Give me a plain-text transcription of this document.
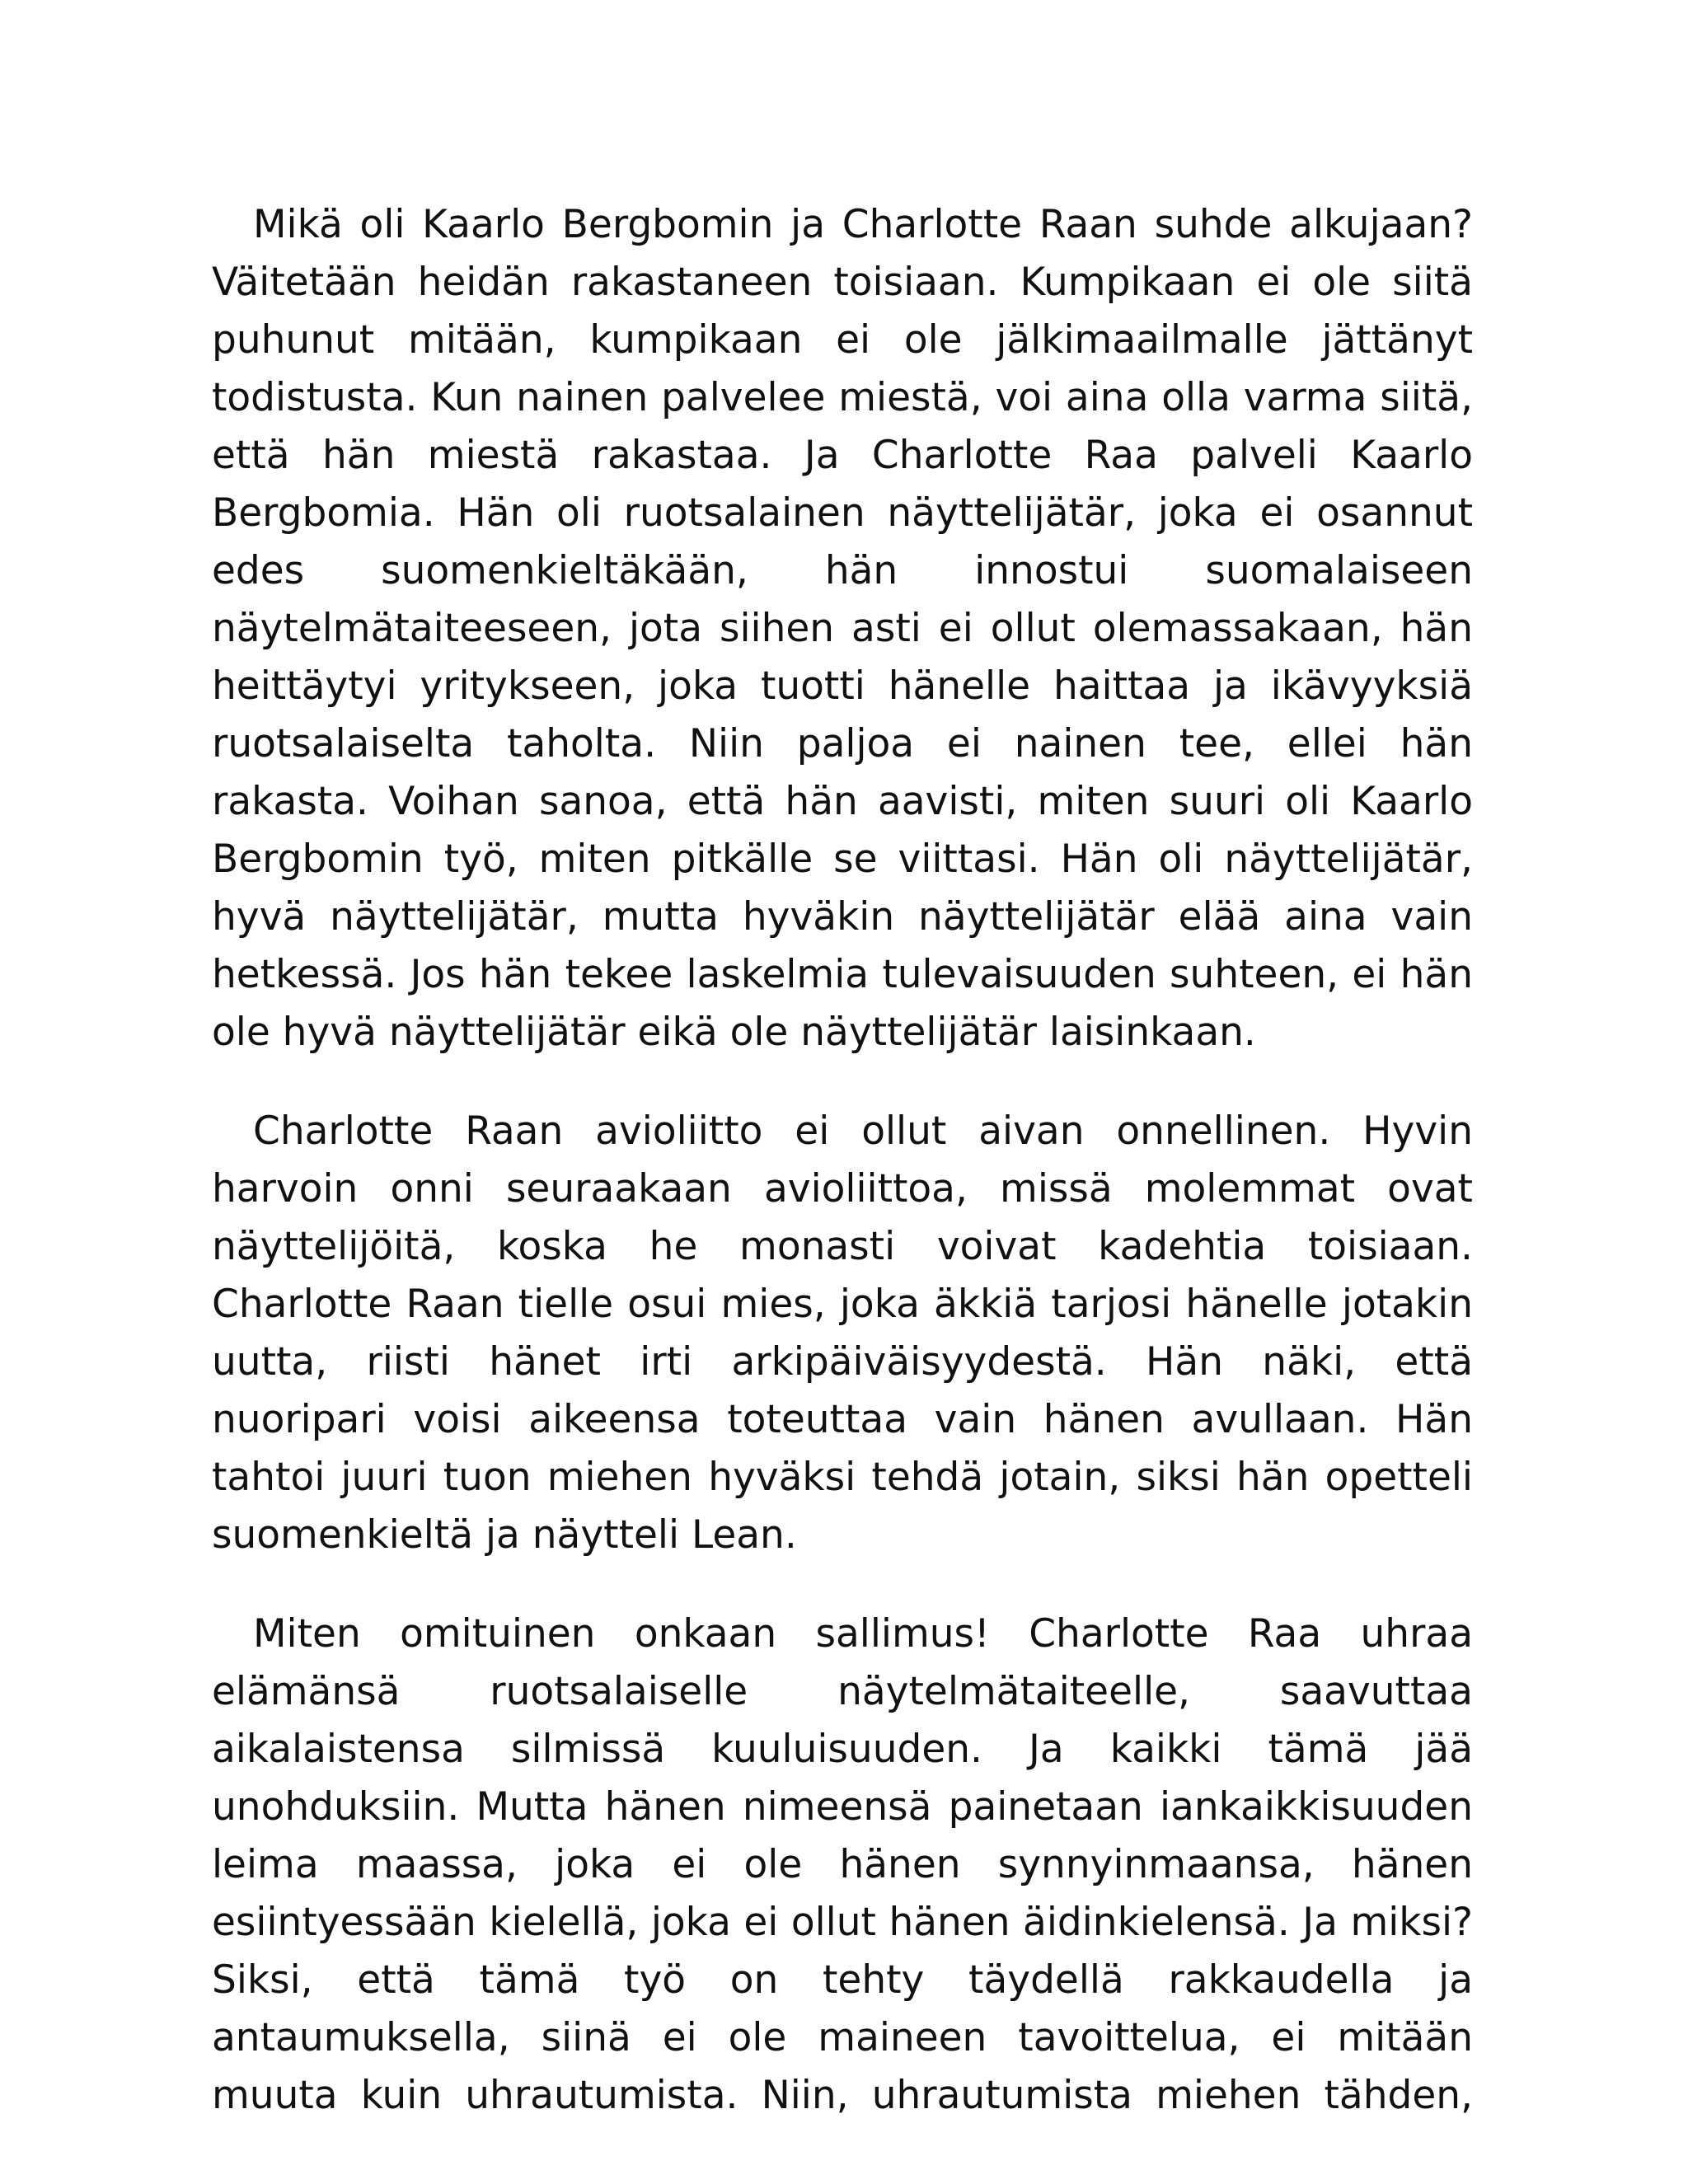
Mikä oli Kaarlo Bergbomin ja Charlotte Raan suhde alkujaan? Väitetään heidän rakastaneen toisiaan. Kumpikaan ei ole siitä puhunut mitään, kumpikaan ei ole jälkimaailmalle jättänyt todistusta. Kun nainen palvelee miestä, voi aina olla varma siitä, että hän miestä rakastaa. Ja Charlotte Raa palveli Kaarlo Bergbomia. Hän oli ruotsalainen näyttelijätär, joka ei osannut edes suomenkieltäkään, hän innostui suomalaiseen näytelmätaiteeseen, jota siihen asti ei ollut olemassakaan, hän heittäytyi yritykseen, joka tuotti hänelle haittaa ja ikävyyksiä ruotsalaiselta taholta. Niin paljoa ei nainen tee, ellei hän rakasta. Voihan sanoa, että hän aavisti, miten suuri oli Kaarlo Bergbomin työ, miten pitkälle se viittasi. Hän oli näyttelijätär, hyvä näyttelijätär, mutta hyväkin näyttelijätär elää aina vain hetkessä. Jos hän tekee laskelmia tulevaisuuden suhteen, ei hän ole hyvä näyttelijätär eikä ole näyttelijätär laisinkaan.

Charlotte Raan avioliitto ei ollut aivan onnellinen. Hyvin harvoin onni seuraakaan avioliittoa, missä molemmat ovat näyttelijöitä, koska he monasti voivat kadehtia toisiaan. Charlotte Raan tielle osui mies, joka äkkiä tarjosi hänelle jotakin uutta, riisti hänet irti arkipäiväisyydestä. Hän näki, että nuoripari voisi aikeensa toteuttaa vain hänen avullaan. Hän tahtoi juuri tuon miehen hyväksi tehdä jotain, siksi hän opetteli suomenkieltä ja näytteli Lean.

Miten omituinen onkaan sallimus! Charlotte Raa uhraa elämänsä ruotsalaiselle näytelmätaiteelle, saavuttaa aikalaistensa silmissä kuuluisuuden. Ja kaikki tämä jää unohduksiin. Mutta hänen nimeensä painetaan iankaikkisuuden leima maassa, joka ei ole hänen synnyinmaansa, hänen esiintyessään kielellä, joka ei ollut hänen äidinkielensä. Ja miksi? Siksi, että tämä työ on tehty täydellä rakkaudella ja antaumuksella, siinä ei ole maineen tavoittelua, ei mitään muuta kuin uhrautumista. Niin, uhrautumista miehen tähden,
